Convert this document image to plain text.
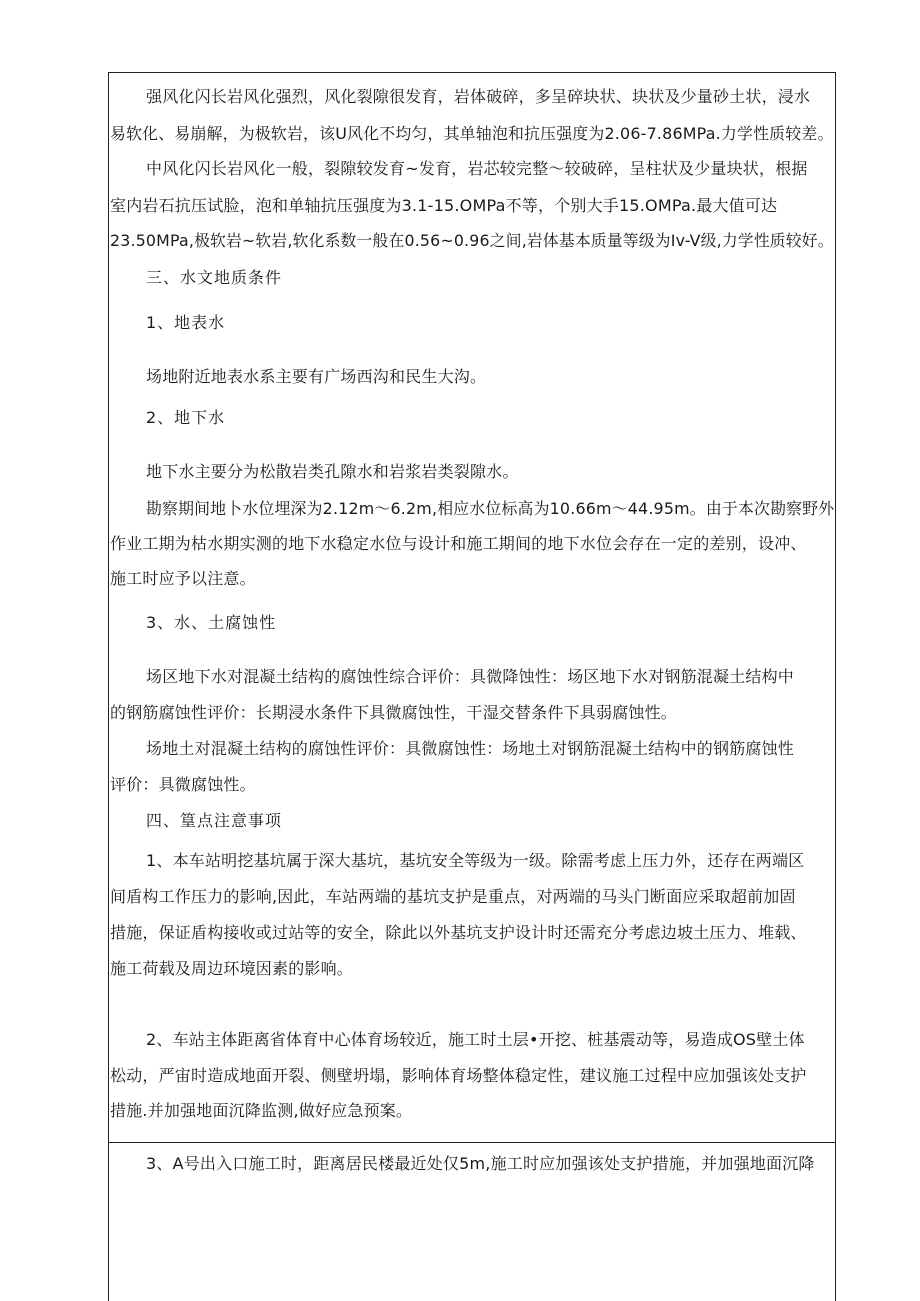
强风化闪长岩风化强烈，风化裂隙很发育，岩体破碎，多呈碎块状、块状及少量砂土状，浸水
易软化、易崩解，为极软岩，该U风化不均匀，其单轴泡和抗压强度为2.06-7.86MPa.力学性质较差。
中风化闪长岩风化一般，裂隙较发育~发育，岩芯较完整～较破碎，呈柱状及少量块状，根据
室内岩石抗压试脸，泡和单轴抗压强度为3.1-15.OMPa不等，个别大手15.OMPa.最大值可达
23.50MPa,极软岩~软岩,软化系数一般在0.56~0.96之间,岩体基本质量等级为Iv-V级,力学性质较好。
三、水文地质条件
1、地表水
场地附近地表水系主要有广场西沟和民生大沟。
2、地下水
地下水主要分为松散岩类孔隙水和岩浆岩类裂隙水。
勘察期间地卜水位埋深为2.12m～6.2m,相应水位标高为10.66m～44.95m。由于本次勘察野外
作业工期为枯水期实测的地下水稳定水位与设计和施工期间的地下水位会存在一定的差别，设冲、
施工时应予以注意。
3、水、土腐蚀性
场区地下水对混凝土结构的腐蚀性综合评价：具微降蚀性：场区地下水对钢筋混凝土结构中
的钢筋腐蚀性评价：长期浸水条件下具微腐蚀性，干湿交替条件下具弱腐蚀性。
场地土对混凝土结构的腐蚀性评价：具微腐蚀性：场地土对钢筋混凝土结构中的钢筋腐蚀性
评价：具微腐蚀性。
四、篁点注意事项
1、本车站明挖基坑属于深大基坑，基坑安全等级为一级。除需考虑上压力外，还存在两端区
间盾构工作压力的影响,因此，车站两端的基坑支护是重点，对两端的马头门断面应采取超前加固
措施，保证盾构接收或过站等的安全，除此以外基坑支护设计时还需充分考虑边坡土压力、堆载、
施工荷载及周边环境因素的影响。
2、车站主体距离省体育中心体育场较近，施工时土层•开挖、桩基震动等，易造成OS壁土体
松动，严宙时造成地面开裂、侧壁坍塌，影响体育场整体稳定性，建议施工过程中应加强该处支护
措施.并加强地面沉降监测,做好应急预案。
3、A号出入口施工时，距离居民楼最近处仅5m,施工时应加强该处支护措施，并加强地面沉降
